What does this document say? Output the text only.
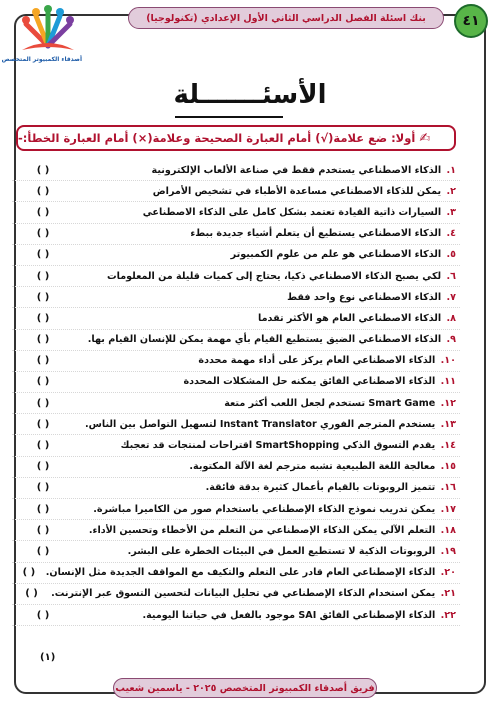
أصدقاء الكمبيوتر المتخصص
بنك اسئلة الفصل الدراسي الثاني الأول الإعدادي (تكنولوجيا)	٤١
الأسئـــــــلة
✍
أولا: ضع علامة(√) أمام العبارة الصحيحة وعلامة(×) أمام العبارة الخطأ:-
١. الذكاء الاصطناعي يستخدم فقط في صناعة الألعاب الإلكترونية
( )
٢. يمكن للذكاء الاصطناعي مساعدة الأطباء في تشخيص الأمراض
( )
٣. السيارات ذاتية القيادة تعتمد بشكل كامل على الذكاء الاصطناعي
( )
٤. الذكاء الاصطناعي يستطيع أن يتعلم أشياء جديدة ببطء
( )
٥. الذكاء الاصطناعي هو علم من علوم الكمبيوتر
( )
٦. لكي يصبح الذكاء الاصطناعي ذكيا، يحتاج إلى كميات قليلة من المعلومات
( )
٧. الذكاء الاصطناعي نوع واحد فقط
( )
٨. الذكاء الاصطناعي العام هو الأكثر تقدما
( )
٩. الذكاء الاصطناعي الضيق يستطيع القيام بأي مهمة يمكن للإنسان القيام بها.
( )
١٠. الذكاء الاصطناعي العام يركز على أداء مهمة محددة
( )
١١. الذكاء الاصطناعي الفائق يمكنه حل المشكلات المحددة
( )
١٢. Smart Game تستخدم لجعل اللعب أكثر متعة
( )
١٣. يستخدم المترجم الفوري Instant Translator لتسهيل التواصل بين الناس.
( )
١٤. يقدم التسوق الذكي SmartShopping اقتراحات لمنتجات قد تعجبك
( )
١٥. معالجة اللغة الطبيعية تشبه مترجم لغة الآلة المكتوبة.
( )
١٦. تتميز الروبوتات بالقيام بأعمال كثيرة بدقة فائقة.
( )
١٧. يمكن تدريب نموذج الذكاء الإصطناعي باستخدام صور من الكاميرا مباشرة.
( )
١٨. التعلم الآلي يمكن الذكاء الإصطناعي من التعلم من الأخطاء وتحسين الأداء.
( )
١٩. الروبوتات الذكية لا تستطيع العمل في البيئات الخطرة على البشر.
( )
٢٠. الذكاء الإصطناعي العام قادر على التعلم والتكيف مع المواقف الجديدة مثل الإنسان.
( )
٢١. يمكن استخدام الذكاء الإصطناعي في تحليل البيانات لتحسين التسوق عبر الإنترنت.
( )
٢٢. الذكاء الإصطناعي الفائق SAI موجود بالفعل في حياتنا اليومية.
( )
(١)
فريق أصدقاء الكمبيوتر المتخصص ٢٠٢٥ - ياسمين شعيب
